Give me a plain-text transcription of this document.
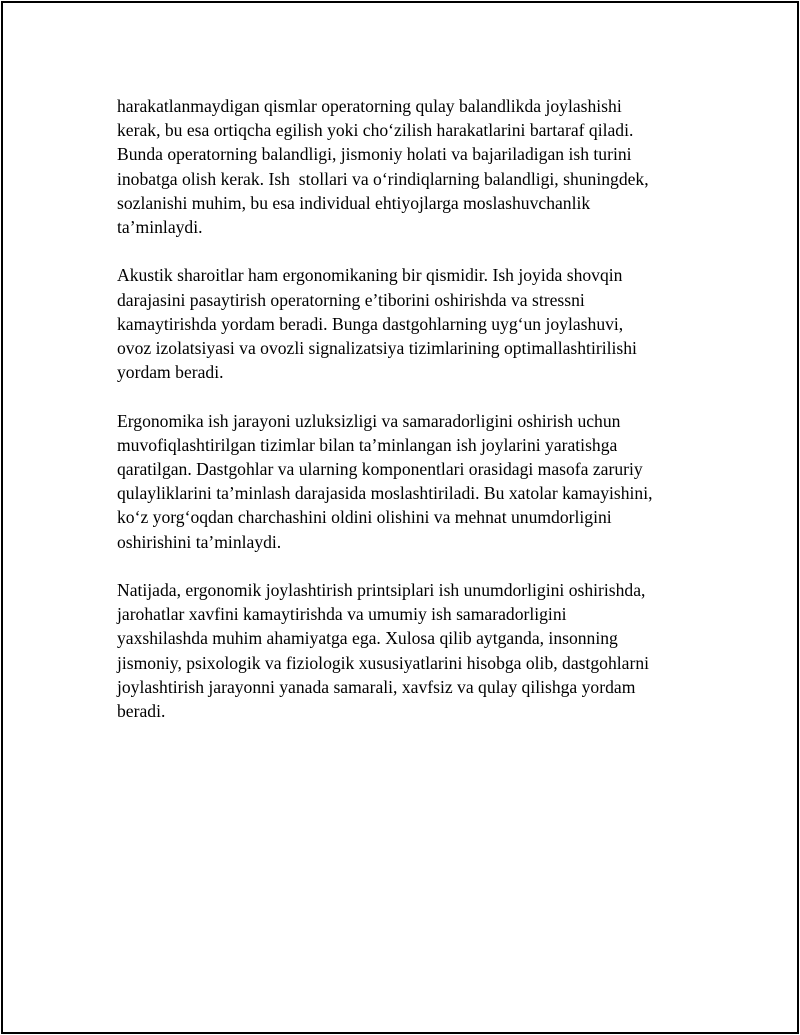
harakatlanmaydigan qismlar operatorning qulay balandlikda joylashishi
kerak, bu esa ortiqcha egilish yoki cho‘zilish harakatlarini bartaraf qiladi.
Bunda operatorning balandligi, jismoniy holati va bajariladigan ish turini
inobatga olish kerak. Ish  stollari va o‘rindiqlarning balandligi, shuningdek,
sozlanishi muhim, bu esa individual ehtiyojlarga moslashuvchanlik
ta’minlaydi.

Akustik sharoitlar ham ergonomikaning bir qismidir. Ish joyida shovqin
darajasini pasaytirish operatorning e’tiborini oshirishda va stressni
kamaytirishda yordam beradi. Bunga dastgohlarning uyg‘un joylashuvi,
ovoz izolatsiyasi va ovozli signalizatsiya tizimlarining optimallashtirilishi
yordam beradi.

Ergonomika ish jarayoni uzluksizligi va samaradorligini oshirish uchun
muvofiqlashtirilgan tizimlar bilan ta’minlangan ish joylarini yaratishga
qaratilgan. Dastgohlar va ularning komponentlari orasidagi masofa zaruriy
qulayliklarini ta’minlash darajasida moslashtiriladi. Bu xatolar kamayishini,
ko‘z yorg‘oqdan charchashini oldini olishini va mehnat unumdorligini
oshirishini ta’minlaydi.

Natijada, ergonomik joylashtirish printsiplari ish unumdorligini oshirishda,
jarohatlar xavfini kamaytirishda va umumiy ish samaradorligini
yaxshilashda muhim ahamiyatga ega. Xulosa qilib aytganda, insonning
jismoniy, psixologik va fiziologik xususiyatlarini hisobga olib, dastgohlarni
joylashtirish jarayonni yanada samarali, xavfsiz va qulay qilishga yordam
beradi.
